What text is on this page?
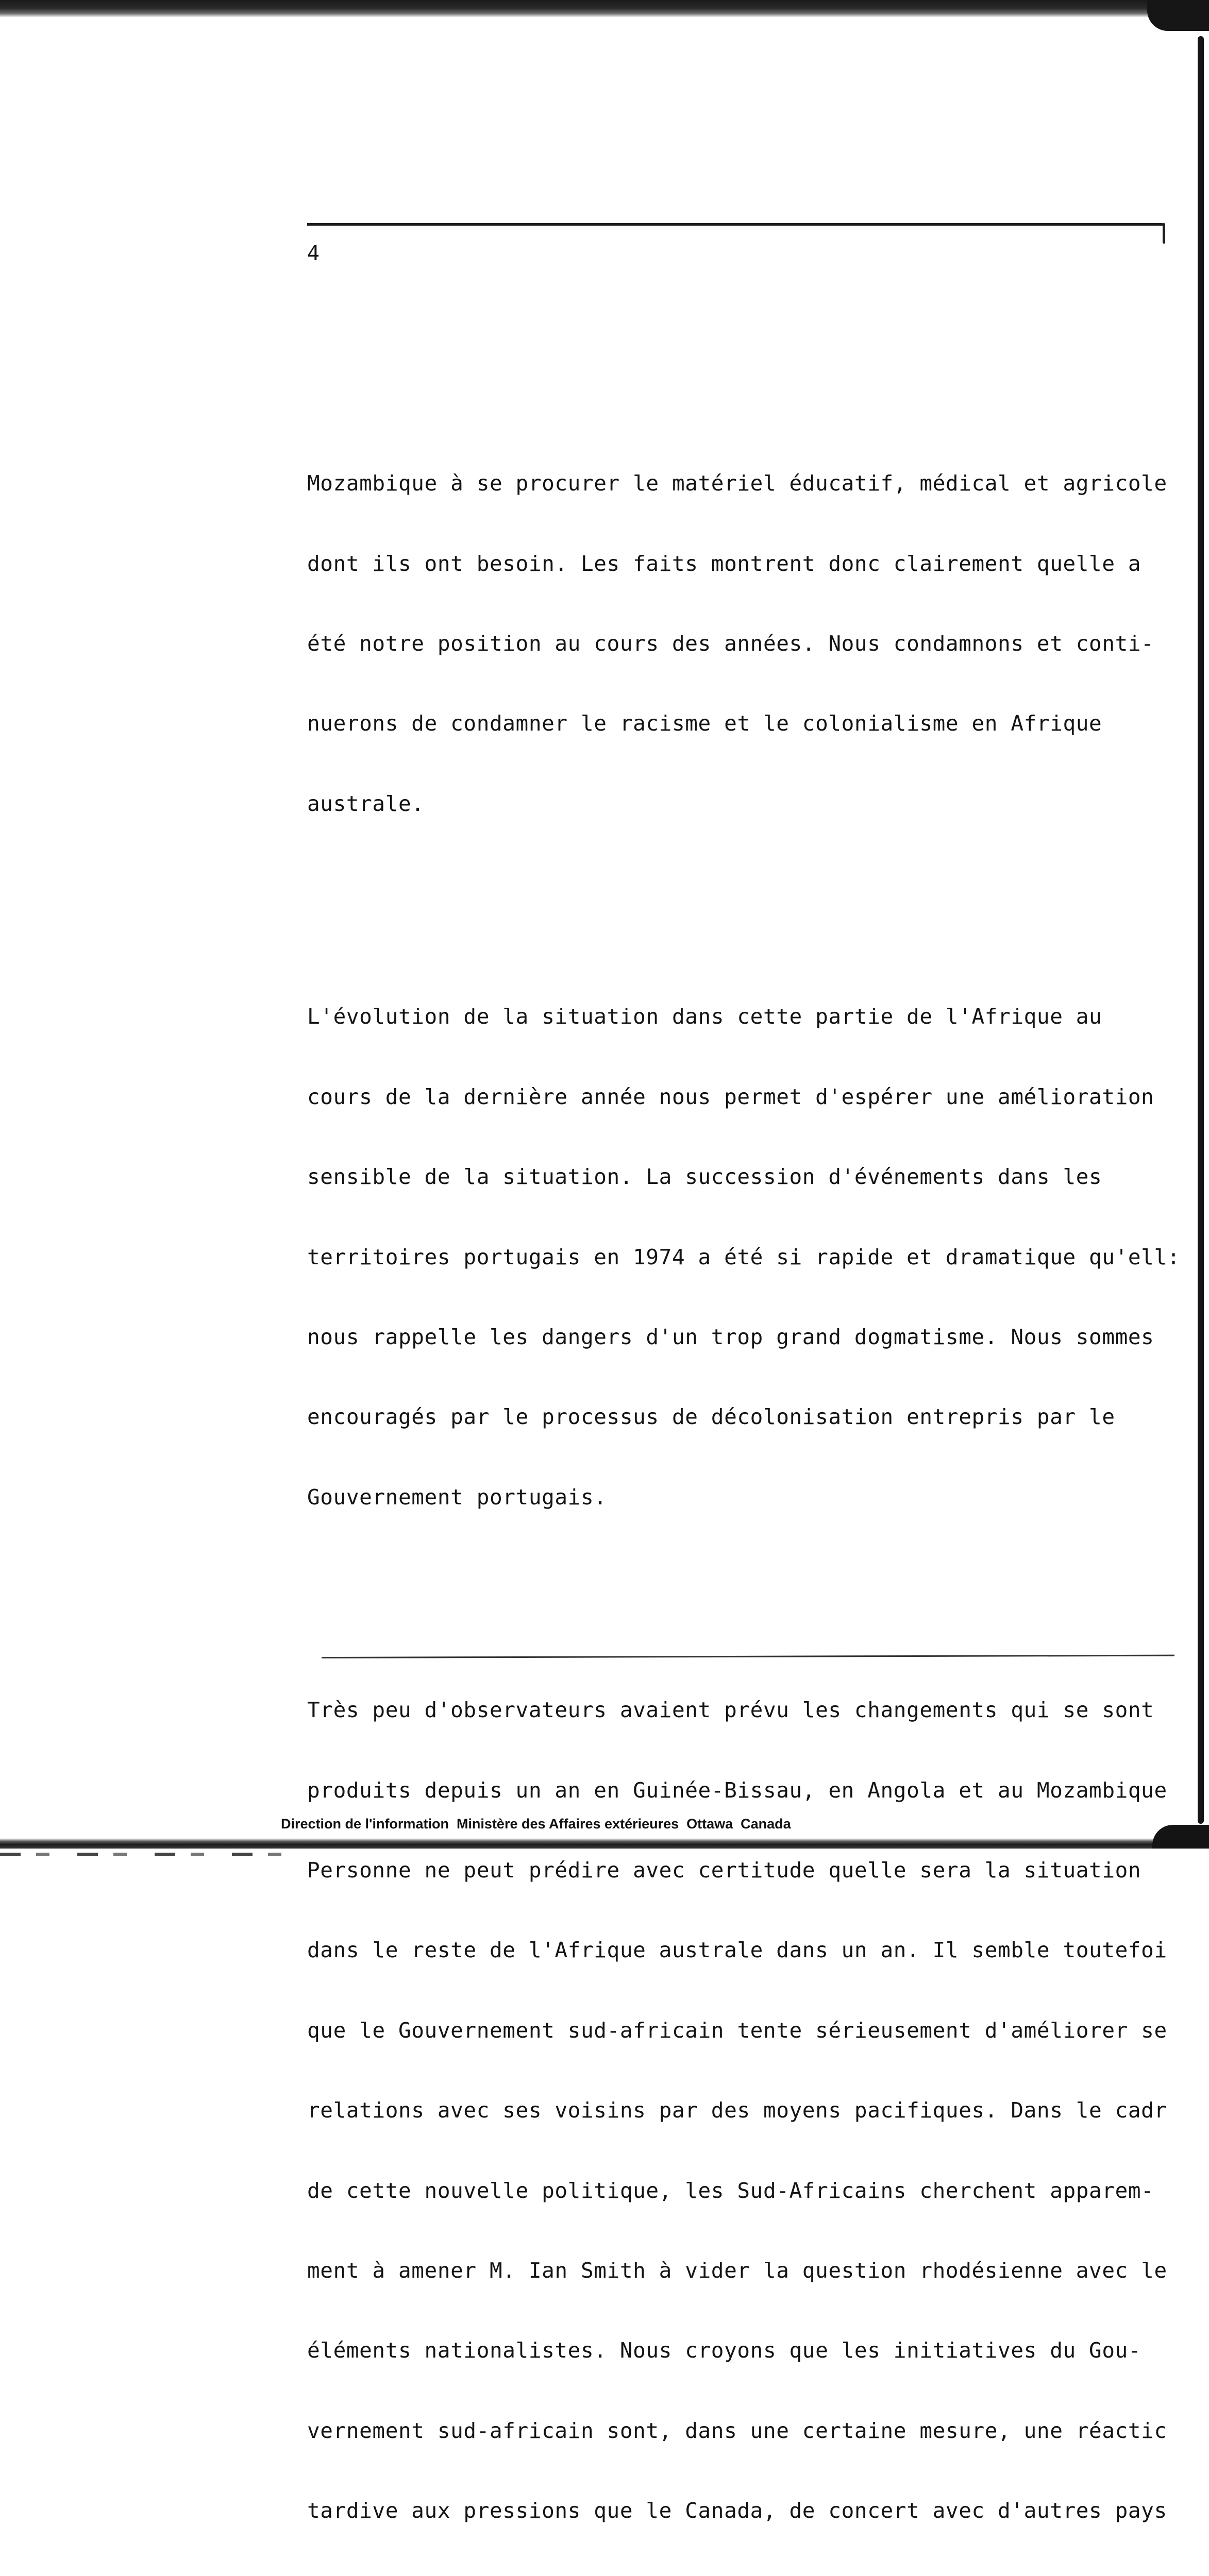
4

Mozambique à se procurer le matériel éducatif, médical et agricole

dont ils ont besoin. Les faits montrent donc clairement quelle a

été notre position au cours des années. Nous condamnons et conti-

nuerons de condamner le racisme et le colonialisme en Afrique

australe.

L'évolution de la situation dans cette partie de l'Afrique au

cours de la dernière année nous permet d'espérer une amélioration

sensible de la situation. La succession d'événements dans les

territoires portugais en 1974 a été si rapide et dramatique qu'ell:

nous rappelle les dangers d'un trop grand dogmatisme. Nous sommes

encouragés par le processus de décolonisation entrepris par le

Gouvernement portugais.

Très peu d'observateurs avaient prévu les changements qui se sont

produits depuis un an en Guinée-Bissau, en Angola et au Mozambique

Personne ne peut prédire avec certitude quelle sera la situation

dans le reste de l'Afrique australe dans un an. Il semble toutefoi

que le Gouvernement sud-africain tente sérieusement d'améliorer se

relations avec ses voisins par des moyens pacifiques. Dans le cadr

de cette nouvelle politique, les Sud-Africains cherchent apparem-

ment à amener M. Ian Smith à vider la question rhodésienne avec le

éléments nationalistes. Nous croyons que les initiatives du Gou-

vernement sud-africain sont, dans une certaine mesure, une réactic

tardive aux pressions que le Canada, de concert avec d'autres pays

Direction de l'information  Ministère des Affaires extérieures  Ottawa  Canada
